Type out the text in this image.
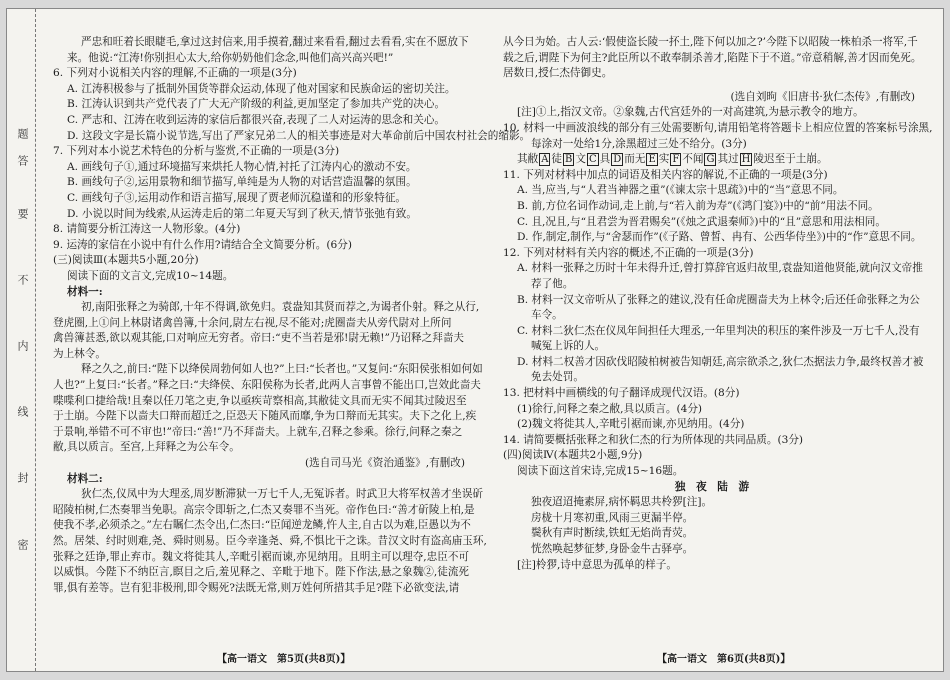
题
答
要
不
内
线
封
密

严忠和旺着长眼睫毛,拿过这封信来,用手摸着,翻过来看看,翻过去看看,实在不愿放下

来。他说:“江涛!你别担心太大,给你奶奶他们念念,叫他们高兴高兴吧!”

6. 下列对小说相关内容的理解,不正确的一项是(3分)

A. 江涛积极参与了抵制外国货等群众运动,体现了他对国家和民族命运的密切关注。

B. 江涛认识到共产党代表了广大无产阶级的利益,更加坚定了参加共产党的决心。

C. 严志和、江涛在收到运涛的家信后都很兴奋,表现了二人对运涛的思念和关心。

D. 这段文字是长篇小说节选,写出了严家兄弟二人的相关事迹是对大革命前后中国农村社会的缩影。

7. 下列对本小说艺术特色的分析与鉴赏,不正确的一项是(3分)

A. 画线句子①,通过环境描写来烘托人物心情,衬托了江涛内心的激动不安。

B. 画线句子②,运用景物和细节描写,单纯是为人物的对话营造温馨的氛围。

C. 画线句子③,运用动作和语言描写,展现了贾老师沉稳谨和的形象特征。

D. 小说以时间为线索,从运涛走后的第二年夏天写到了秋天,情节张弛有致。

8. 请简要分析江涛这一人物形象。(4分)

9. 运涛的家信在小说中有什么作用?请结合全文简要分析。(6分)

(三)阅读Ⅲ(本题共5小题,20分)

阅读下面的文言文,完成10~14题。

材料一:

初,南阳张释之为骑郎,十年不得调,欲免归。袁盎知其贤而荐之,为谒者仆射。释之从行,

登虎圈,上①问上林尉诸禽兽簿,十余问,尉左右视,尽不能对;虎圈啬夫从旁代尉对上所问

禽兽簿甚悉,欲以观其能,口对响应无穷者。帝曰:“吏不当若是邪!尉无赖!”乃诏释之拜啬夫

为上林令。

释之久之,前曰:“陛下以绛侯周勃何如人也?”上曰:“长者也。”又复问:“东阳侯张相如何如

人也?”上复曰:“长者。”释之曰:“夫绛侯、东阳侯称为长者,此两人言事曾不能出口,岂效此啬夫

喋喋利口捷给哉!且秦以任刀笔之吏,争以亟疾苛察相高,其敝徒文具而无实不闻其过陵迟至

于土崩。今陛下以啬夫口辩而超迁之,臣恐天下随风而靡,争为口辩而无其实。夫下之化上,疾

于景响,举错不可不审也!”帝曰:“善!”乃不拜啬夫。上就车,召释之参乘。徐行,问释之秦之

敝,具以质言。至宫,上拜释之为公车令。

(选自司马光《资治通鉴》,有删改)

材料二:

狄仁杰,仪凤中为大理丞,周岁断滞狱一万七千人,无冤诉者。时武卫大将军权善才坐误斫

昭陵柏树,仁杰奏罪当免职。高宗令即斩之,仁杰又奏罪不当死。帝作色曰:“善才斫陵上柏,是

使我不孝,必须杀之。”左右瞩仁杰令出,仁杰曰:“臣闻逆龙鳞,忤人主,自古以为难,臣愚以为不

然。居桀、纣时则难,尧、舜时则易。臣今幸逢尧、舜,不惧比干之诛。昔汉文时有盗高庙玉环,

张释之廷诤,罪止弃市。魏文将徙其人,辛毗引裾而谏,亦见纳用。且明主可以理夺,忠臣不可

以威惧。今陛下不纳臣言,瞑目之后,羞见释之、辛毗于地下。陛下作法,悬之象魏②,徒流死

罪,俱有差等。岂有犯非极刑,即令赐死?法既无常,则万姓何所措其手足?陛下必欲变法,请

从今日为始。古人云:‘假使盗长陵一抔土,陛下何以加之?’今陛下以昭陵一株柏杀一将军,千

载之后,谓陛下为何主?此臣所以不敢奉制杀善才,陷陛下于不道。”帝意稍解,善才因而免死。

居数日,授仁杰侍御史。

(选自刘昫《旧唐书·狄仁杰传》,有删改)

[注]①上,指汉文帝。②象魏,古代宫廷外的一对高建筑,为悬示教令的地方。

10. 材料一中画波浪线的部分有三处需要断句,请用铅笔将答题卡上相应位置的答案标号涂黑,

每涂对一处给1分,涂黑超过三处不给分。(3分)

其敝 A 徒 B 文 C 具 D 而无 E 实 F 不闻 G 其过 H 陵迟至于土崩。

11. 下列对材料中加点的词语及相关内容的解说,不正确的一项是(3分)

A. 当,应当,与“人君当神器之重”(《谏太宗十思疏》)中的“当”意思不同。

B. 前,方位名词作动词,走上前,与“若入前为寿”(《鸿门宴》)中的“前”用法不同。

C. 且,况且,与“且君尝为晋君赐矣”(《烛之武退秦师》)中的“且”意思和用法相同。

D. 作,制定,制作,与“舍瑟而作”(《子路、曾皙、冉有、公西华侍坐》)中的“作”意思不同。

12. 下列对材料有关内容的概述,不正确的一项是(3分)

A. 材料一张释之历时十年未得升迁,曾打算辞官返归故里,袁盎知道他贤能,就向汉文帝推

荐了他。

B. 材料一汉文帝听从了张释之的建议,没有任命虎圈啬夫为上林令;后还任命张释之为公

车令。

C. 材料二狄仁杰在仪凤年间担任大理丞,一年里判决的积压的案件涉及一万七千人,没有

喊冤上诉的人。

D. 材料二权善才因砍伐昭陵柏树被告知朝廷,高宗欲杀之,狄仁杰据法力争,最终权善才被

免去处罚。

13. 把材料中画横线的句子翻译成现代汉语。(8分)

(1)徐行,问释之秦之敝,具以质言。(4分)

(2)魏文将徙其人,辛毗引裾而谏,亦见纳用。(4分)

14. 请简要概括张释之和狄仁杰的行为所体现的共同品质。(3分)

(四)阅读Ⅳ(本题共2小题,9分)

阅读下面这首宋诗,完成15~16题。

独　夜　陆　游

独夜迢迢掩素屏,病怀羁思共柃猡[注]。

房栊十月寒初重,风雨三更漏半停。

鬓秋有声时断续,铁虹无焰尚青荧。

恍然唤起梦征梦,身卧金牛古驿亭。

[注]柃猡,诗中意思为孤单的样子。

【高一语文　第5页(共8页)】	【高一语文　第6页(共8页)】
